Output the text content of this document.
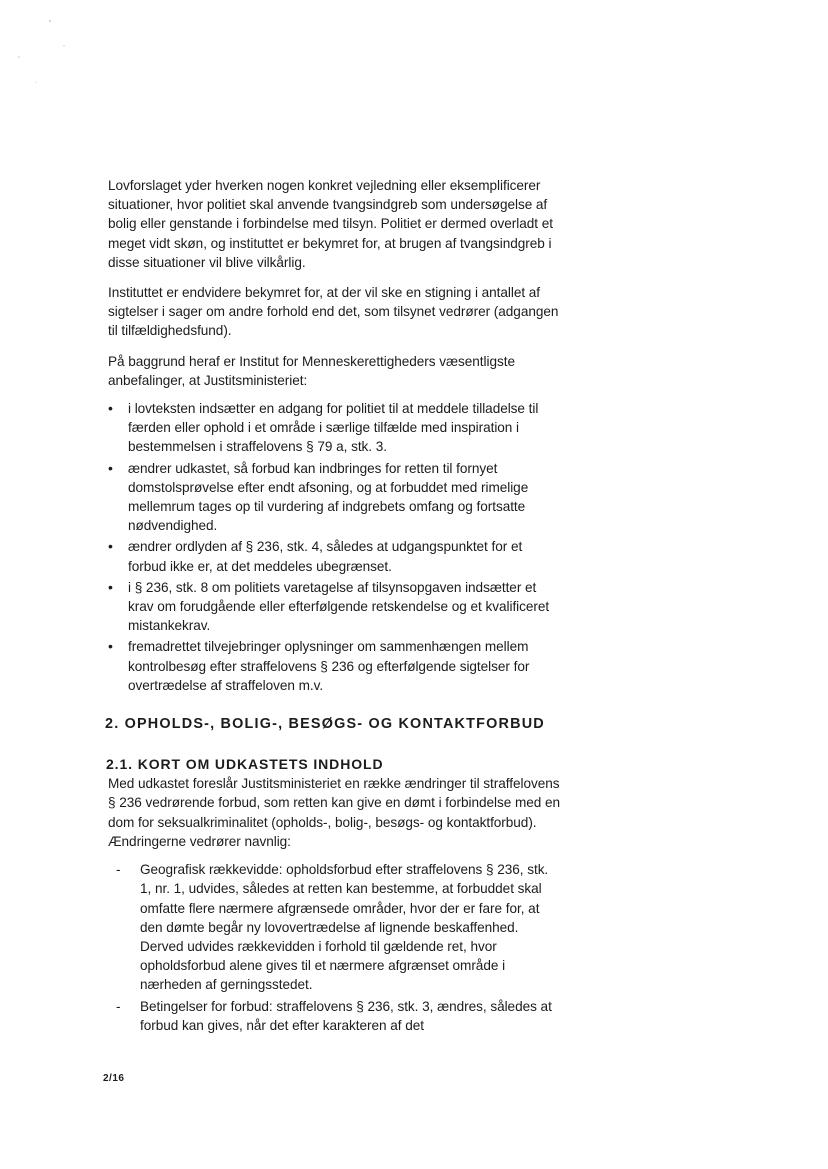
Lovforslaget yder hverken nogen konkret vejledning eller eksemplificerer situationer, hvor politiet skal anvende tvangsindgreb som undersøgelse af bolig eller genstande i forbindelse med tilsyn. Politiet er dermed overladt et meget vidt skøn, og instituttet er bekymret for, at brugen af tvangsindgreb i disse situationer vil blive vilkårlig.

Instituttet er endvidere bekymret for, at der vil ske en stigning i antallet af sigtelser i sager om andre forhold end det, som tilsynet vedrører (adgangen til tilfældighedsfund).

På baggrund heraf er Institut for Menneskerettigheders væsentligste anbefalinger, at Justitsministeriet:

• i lovteksten indsætter en adgang for politiet til at meddele tilladelse til færden eller ophold i et område i særlige tilfælde med inspiration i bestemmelsen i straffelovens § 79 a, stk. 3.
• ændrer udkastet, så forbud kan indbringes for retten til fornyet domstolsprøvelse efter endt afsoning, og at forbuddet med rimelige mellemrum tages op til vurdering af indgrebets omfang og fortsatte nødvendighed.
• ændrer ordlyden af § 236, stk. 4, således at udgangspunktet for et forbud ikke er, at det meddeles ubegrænset.
• i § 236, stk. 8 om politiets varetagelse af tilsynsopgaven indsætter et krav om forudgående eller efterfølgende retskendelse og et kvalificeret mistankekrav.
• fremadrettet tilvejebringer oplysninger om sammenhængen mellem kontrolbesøg efter straffelovens § 236 og efterfølgende sigtelser for overtrædelse af straffeloven m.v.
2. OPHOLDS-, BOLIG-, BESØGS- OG KONTAKTFORBUD
2.1. KORT OM UDKASTETS INDHOLD

Med udkastet foreslår Justitsministeriet en række ændringer til straffelovens § 236 vedrørende forbud, som retten kan give en dømt i forbindelse med en dom for seksualkriminalitet (opholds-, bolig-, besøgs- og kontaktforbud). Ændringerne vedrører navnlig:

- Geografisk rækkevidde: opholdsforbud efter straffelovens § 236, stk. 1, nr. 1, udvides, således at retten kan bestemme, at forbuddet skal omfatte flere nærmere afgrænsede områder, hvor der er fare for, at den dømte begår ny lovovertrædelse af lignende beskaffenhed. Derved udvides rækkevidden i forhold til gældende ret, hvor opholdsforbud alene gives til et nærmere afgrænset område i nærheden af gerningsstedet.
- Betingelser for forbud: straffelovens § 236, stk. 3, ændres, således at forbud kan gives, når det efter karakteren af det
2/16
